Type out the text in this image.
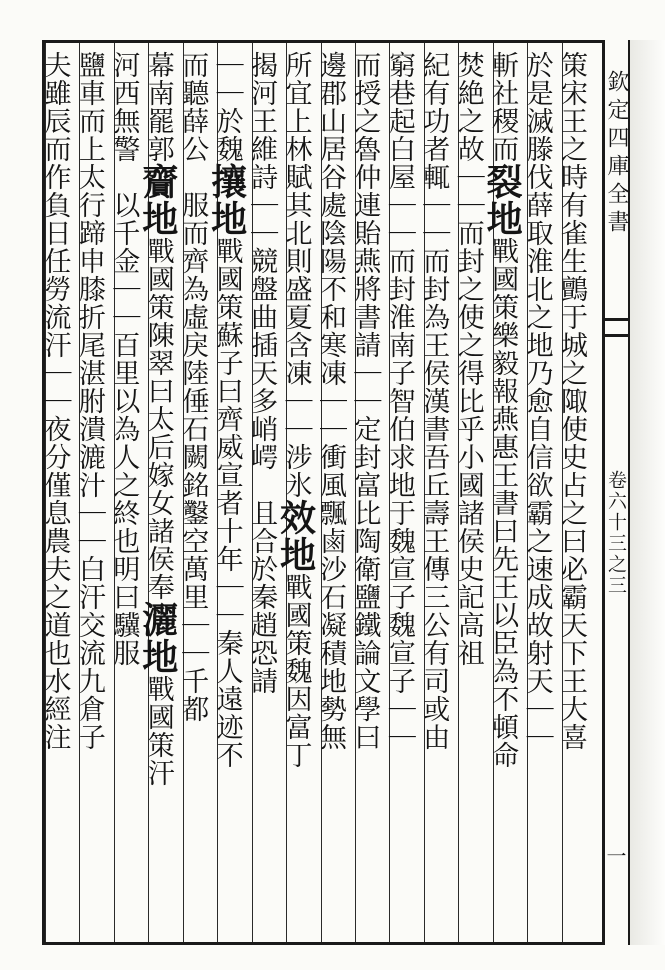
策宋王之時有雀生鸇于城之陬使史占之曰必霸天下王大喜
於是滅滕伐薛取淮北之地乃愈自信欲霸之速成故射天｜｜
斬社稷而裂地戰國策樂毅報燕惠王書曰先王以臣為不頓命
焚絶之故｜｜而封之使之得比乎小國諸侯史記高祖
紀有功者輒｜｜而封為王侯漢書吾丘壽王傳三公有司或由
窮巷起白屋｜｜而封淮南子智伯求地于魏宣子魏宣子｜｜
而授之魯仲連貽燕將書請｜｜定封富比陶衛鹽鐵論文學曰
邊郡山居谷處陰陽不和寒凍｜｜衝風飄鹵沙石凝積地勢無
所宜上林賦其北則盛夏含凍｜｜涉氷效地戰國策魏因富丁
揭河王維詩｜｜競盤曲插天多峭崿　且合於秦趙恐請
｜｜於魏攘地戰國策蘇子曰齊威宣者十年｜｜秦人遠迹不
而聽薛公　服而齊為虛戾陸倕石闕銘鑿空萬里｜｜千都
幕南罷郭齎地戰國策陳翠曰太后嫁女諸侯奉灑地戰國策汗
河西無警　以千金｜｜百里以為人之終也明曰驥服
鹽車而上太行蹄申膝折尾湛胕潰漉汁｜｜白汗交流九倉子
夫雖辰而作負日任勞流汗｜｜夜分僅息農夫之道也水經注	欽定四庫全書
卷六十三之三
一
